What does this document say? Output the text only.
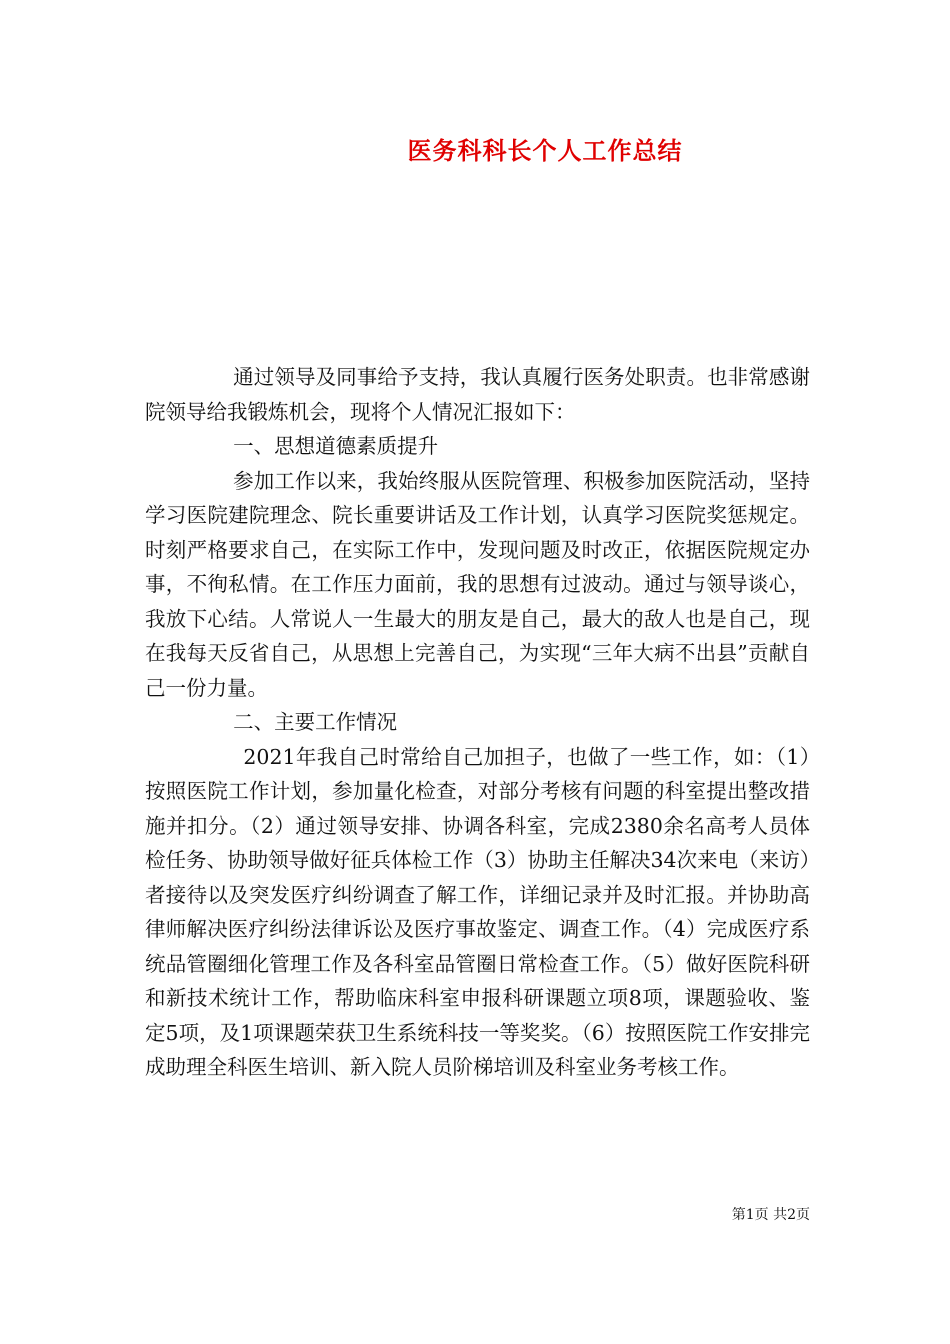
医务科科长个人工作总结

通过领导及同事给予支持，我认真履行医务处职责。也非常感谢院领导给我锻炼机会，现将个人情况汇报如下：

一、思想道德素质提升

参加工作以来，我始终服从医院管理、积极参加医院活动，坚持学习医院建院理念、院长重要讲话及工作计划，认真学习医院奖惩规定。时刻严格要求自己，在实际工作中，发现问题及时改正，依据医院规定办事，不徇私情。在工作压力面前，我的思想有过波动。通过与领导谈心，我放下心结。人常说人一生最大的朋友是自己，最大的敌人也是自己，现在我每天反省自己，从思想上完善自己，为实现“三年大病不出县”贡献自己一份力量。

二、主要工作情况

2021年我自己时常给自己加担子，也做了一些工作，如：（1）按照医院工作计划，参加量化检查，对部分考核有问题的科室提出整改措施并扣分。（2）通过领导安排、协调各科室，完成2380余名高考人员体检任务、协助领导做好征兵体检工作（3）协助主任解决34次来电（来访）者接待以及突发医疗纠纷调查了解工作，详细记录并及时汇报。并协助高律师解决医疗纠纷法律诉讼及医疗事故鉴定、调查工作。（4）完成医疗系统品管圈细化管理工作及各科室品管圈日常检查工作。（5）做好医院科研和新技术统计工作，帮助临床科室申报科研课题立项8项，课题验收、鉴定5项，及1项课题荣获卫生系统科技一等奖奖。（6）按照医院工作安排完成助理全科医生培训、新入院人员阶梯培训及科室业务考核工作。

第1页 共2页
